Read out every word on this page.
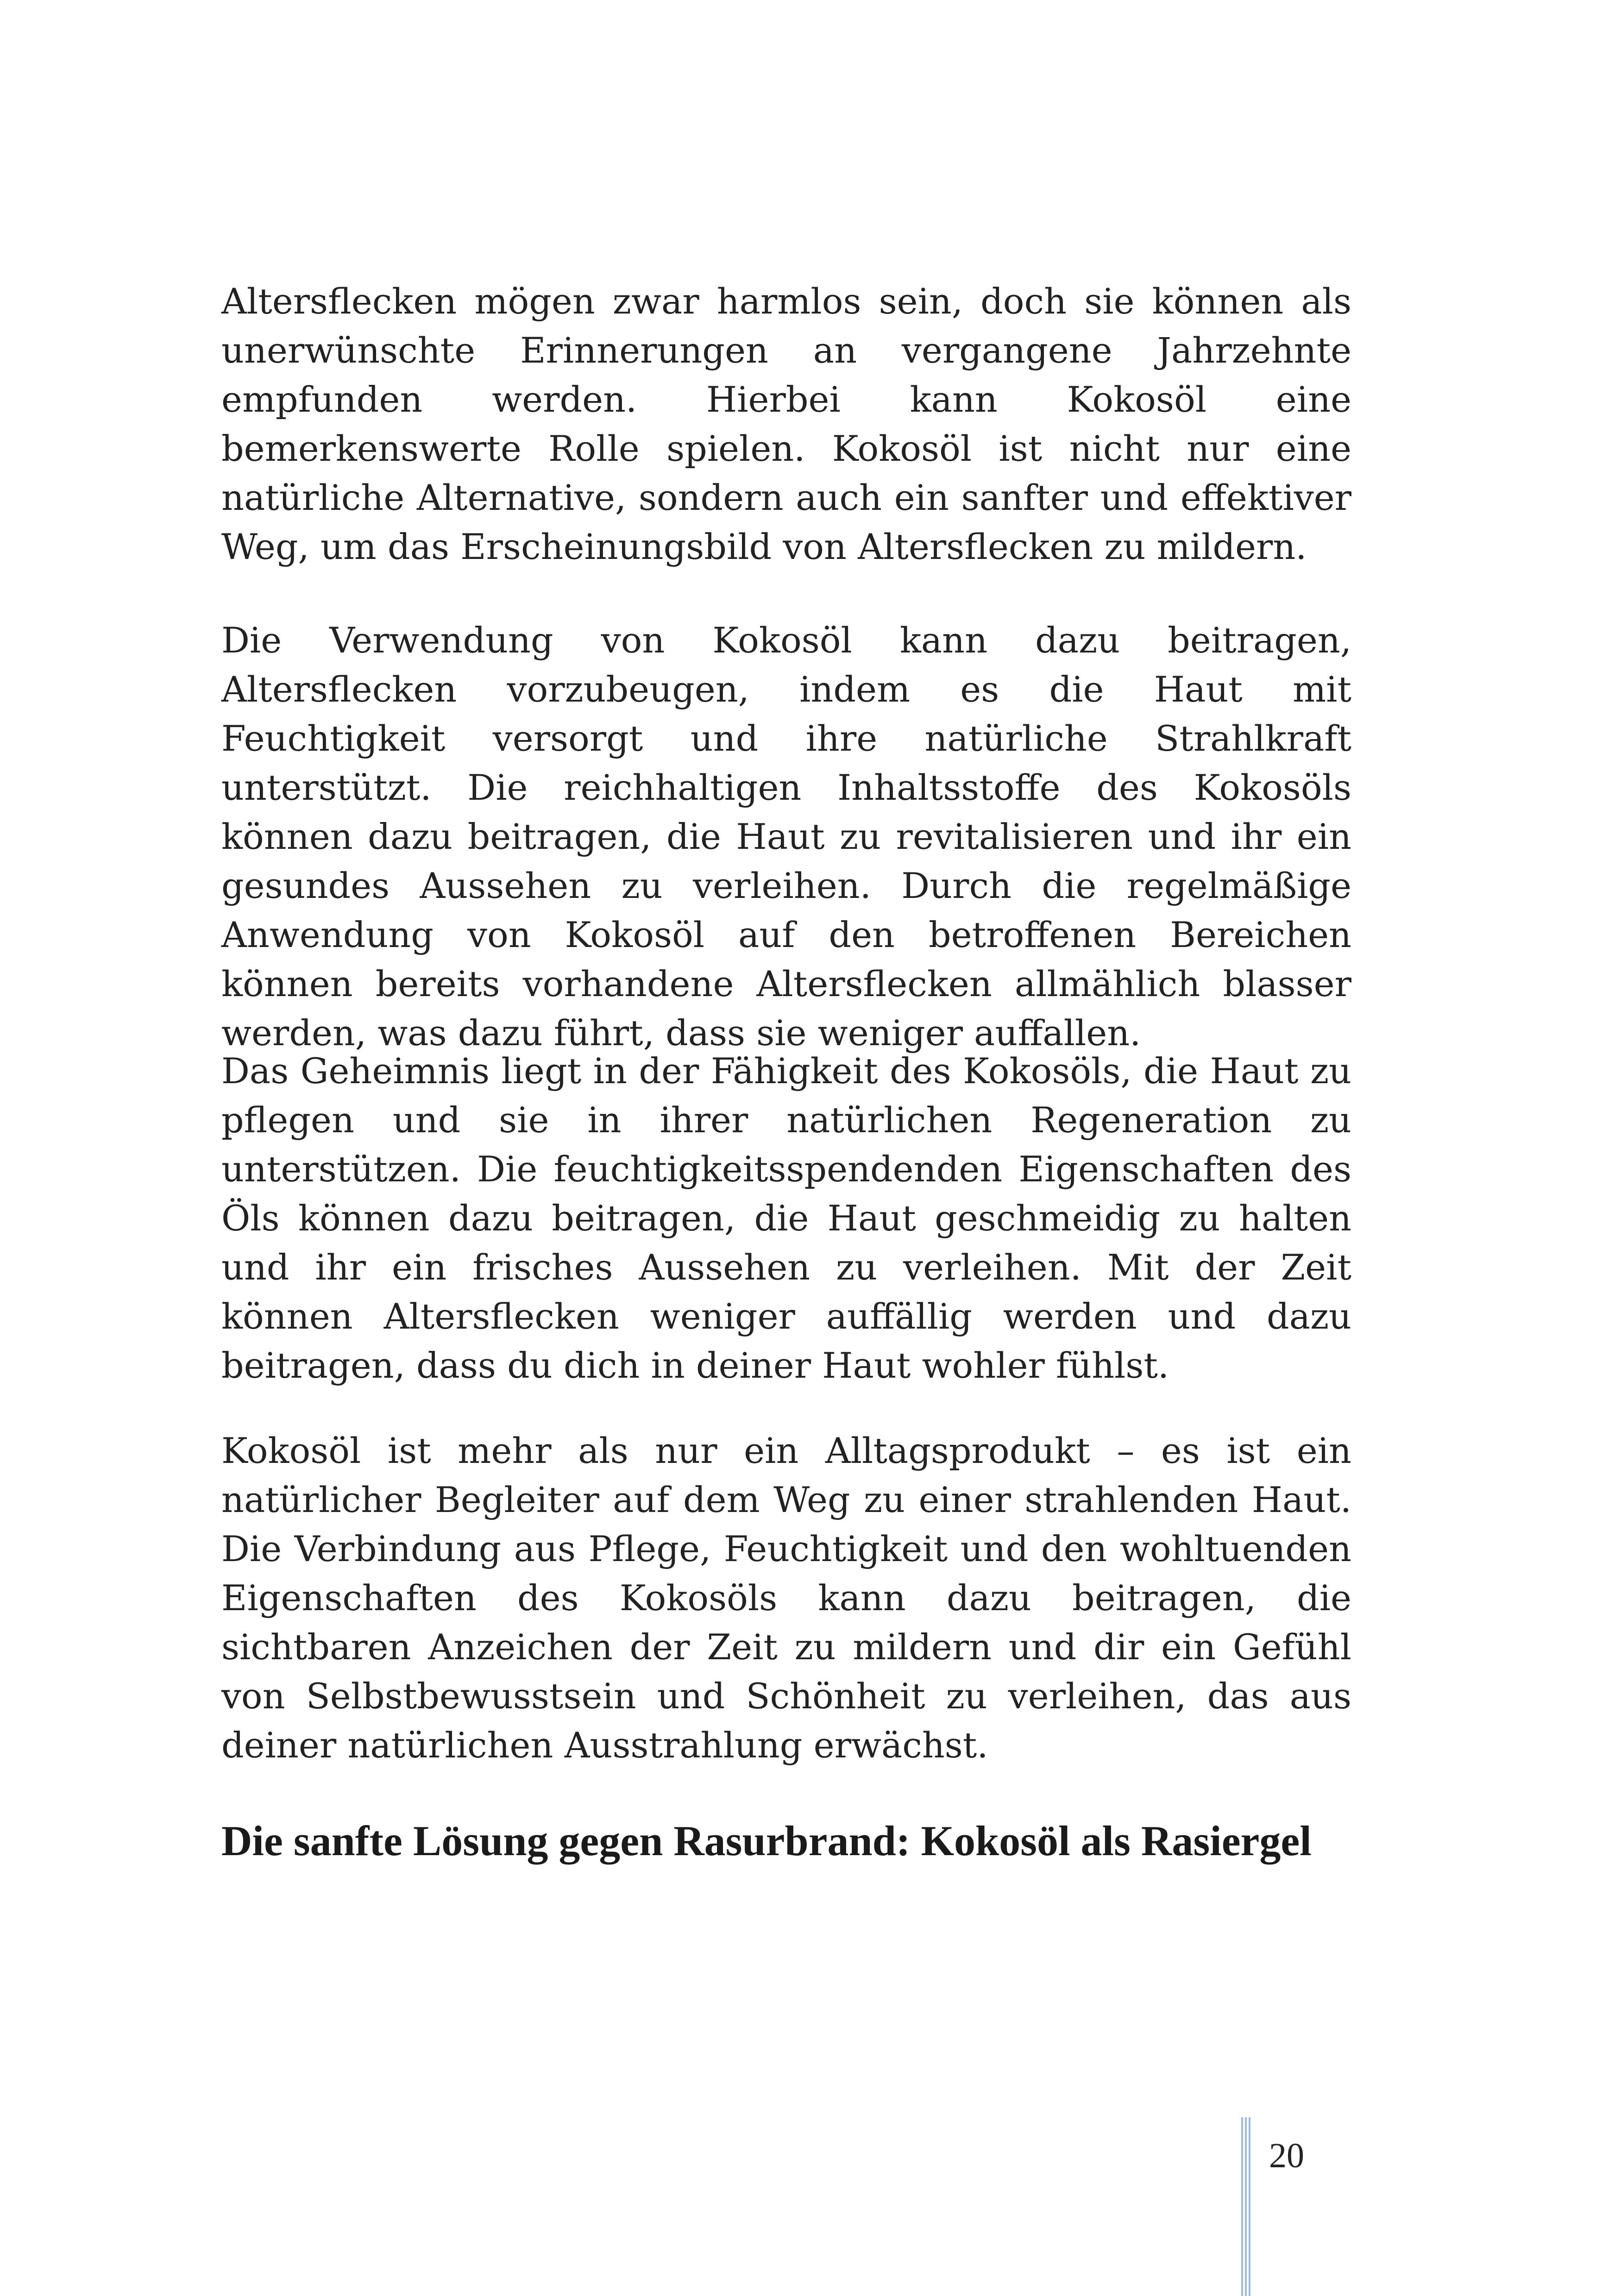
Altersflecken mögen zwar harmlos sein, doch sie können als unerwünschte Erinnerungen an vergangene Jahrzehnte empfunden werden. Hierbei kann Kokosöl eine bemerkenswerte Rolle spielen. Kokosöl ist nicht nur eine natürliche Alternative, sondern auch ein sanfter und effektiver Weg, um das Erscheinungsbild von Altersflecken zu mildern.

Die Verwendung von Kokosöl kann dazu beitragen, Altersflecken vorzubeugen, indem es die Haut mit Feuchtigkeit versorgt und ihre natürliche Strahlkraft unterstützt. Die reichhaltigen Inhaltsstoffe des Kokosöls können dazu beitragen, die Haut zu revitalisieren und ihr ein gesundes Aussehen zu verleihen. Durch die regelmäßige Anwendung von Kokosöl auf den betroffenen Bereichen können bereits vorhandene Altersflecken allmählich blasser werden, was dazu führt, dass sie weniger auffallen.

Das Geheimnis liegt in der Fähigkeit des Kokosöls, die Haut zu pflegen und sie in ihrer natürlichen Regeneration zu unterstützen. Die feuchtigkeitsspendenden Eigenschaften des Öls können dazu beitragen, die Haut geschmeidig zu halten und ihr ein frisches Aussehen zu verleihen. Mit der Zeit können Altersflecken weniger auffällig werden und dazu beitragen, dass du dich in deiner Haut wohler fühlst.

Kokosöl ist mehr als nur ein Alltagsprodukt – es ist ein natürlicher Begleiter auf dem Weg zu einer strahlenden Haut. Die Verbindung aus Pflege, Feuchtigkeit und den wohltuenden Eigenschaften des Kokosöls kann dazu beitragen, die sichtbaren Anzeichen der Zeit zu mildern und dir ein Gefühl von Selbstbewusstsein und Schönheit zu verleihen, das aus deiner natürlichen Ausstrahlung erwächst.

Die sanfte Lösung gegen Rasurbrand: Kokosöl als Rasiergel
20
